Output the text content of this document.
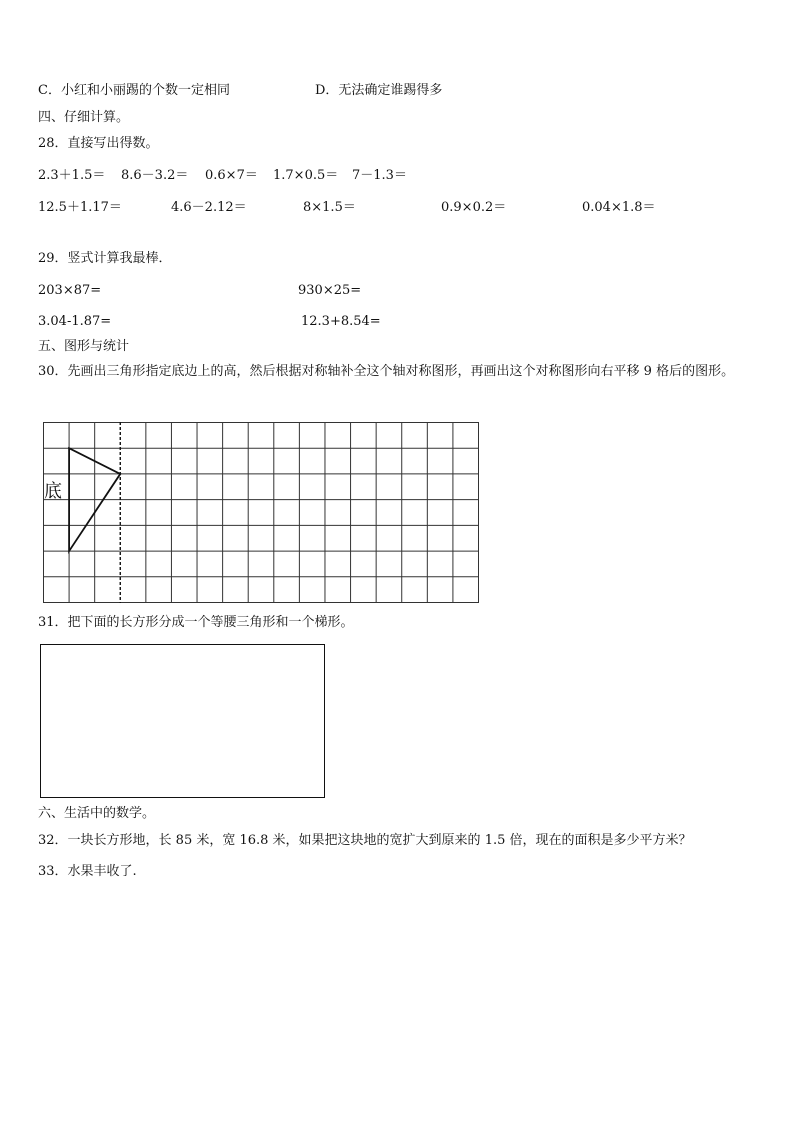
C．小红和小丽踢的个数一定相同	D．无法确定谁踢得多
四、仔细计算。
28．直接写出得数。
2.3＋1.5＝ 8.6－3.2＝ 0.6×7＝ 1.7×0.5＝ 7－1.3＝
12.5＋1.17＝	4.6－2.12＝	8×1.5＝	0.9×0.2＝	0.04×1.8＝
29．竖式计算我最棒．
203×87=	930×25=
3.04-1.87=	12.3+8.54=
五、图形与统计
30．先画出三角形指定底边上的高，然后根据对称轴补全这个轴对称图形，再画出这个对称图形向右平移 9 格后的图形。
底
31．把下面的长方形分成一个等腰三角形和一个梯形。
六、生活中的数学。
32．一块长方形地，长 85 米，宽 16.8 米，如果把这块地的宽扩大到原来的 1.5 倍，现在的面积是多少平方米？
33．水果丰收了.
